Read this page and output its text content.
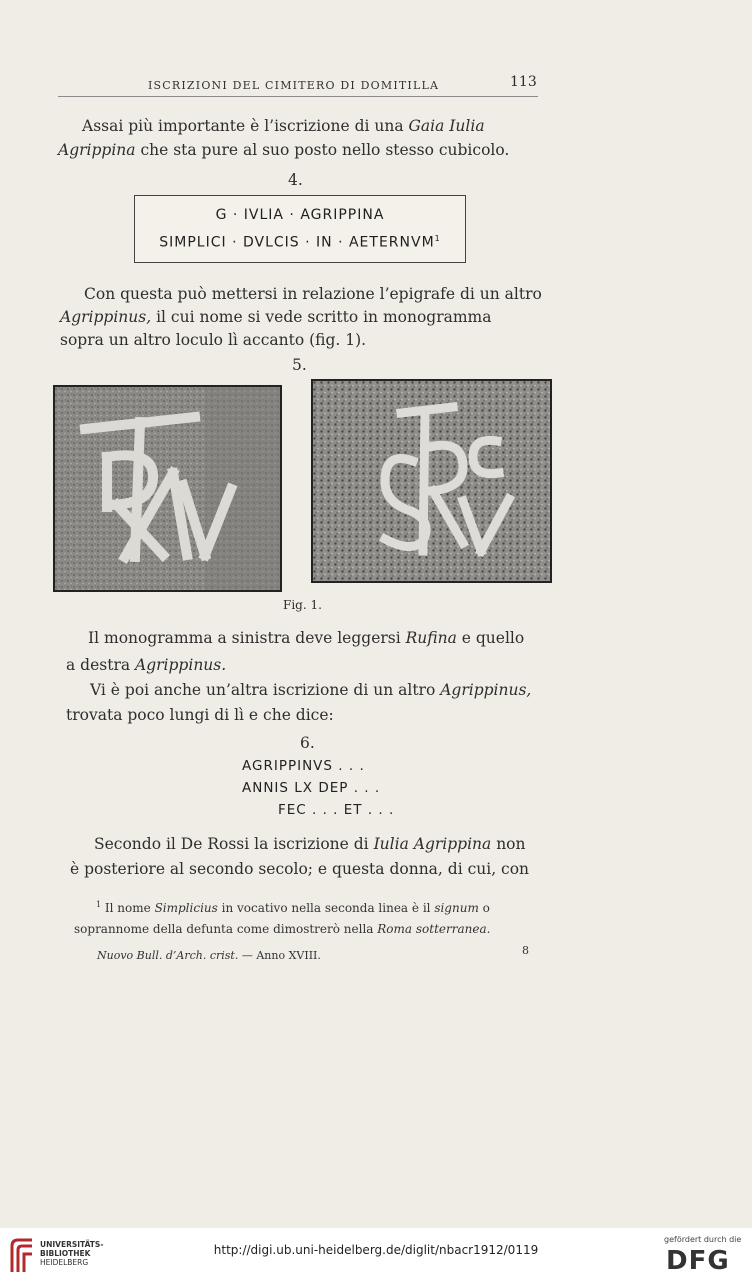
ISCRIZIONI DEL CIMITERO DI DOMITILLA	113
Assai più importante è l’iscrizione di una Gaia Iulia
Agrippina che sta pure al suo posto nello stesso cubicolo.
4.
G · IVLIA · AGRIPPINA
SIMPLICI · DVLCIS · IN · $AETERNVM^1$
Con questa può mettersi in relazione l’epigrafe di un altro
Agrippinus, il cui nome si vede scritto in monogramma
sopra un altro loculo lì accanto (fig. 1).
5.
Fig. 1.
Il monogramma a sinistra deve leggersi Rufina e quello
a destra Agrippinus.
Vi è poi anche un’altra iscrizione di un altro Agrippinus,
trovata poco lungi di lì e che dice:
6.
AGRIPPINVS . . .
ANNIS LX DEP . . .
FEC . . . ET . . .
Secondo il De Rossi la iscrizione di Iulia Agrippina non
è posteriore al secondo secolo; e questa donna, di cui, con
$^1$ Il nome Simplicius in vocativo nella seconda linea è il signum o
soprannome della defunta come dimostrerò nella Roma sotterranea.
Nuovo Bull. d’Arch. crist. — Anno XVIII.	8
UNIVERSITÄTS-
BIBLIOTHEK
HEIDELBERG
http://digi.ub.uni-heidelberg.de/diglit/nbacr1912/0119
gefördert durch die
DFG
